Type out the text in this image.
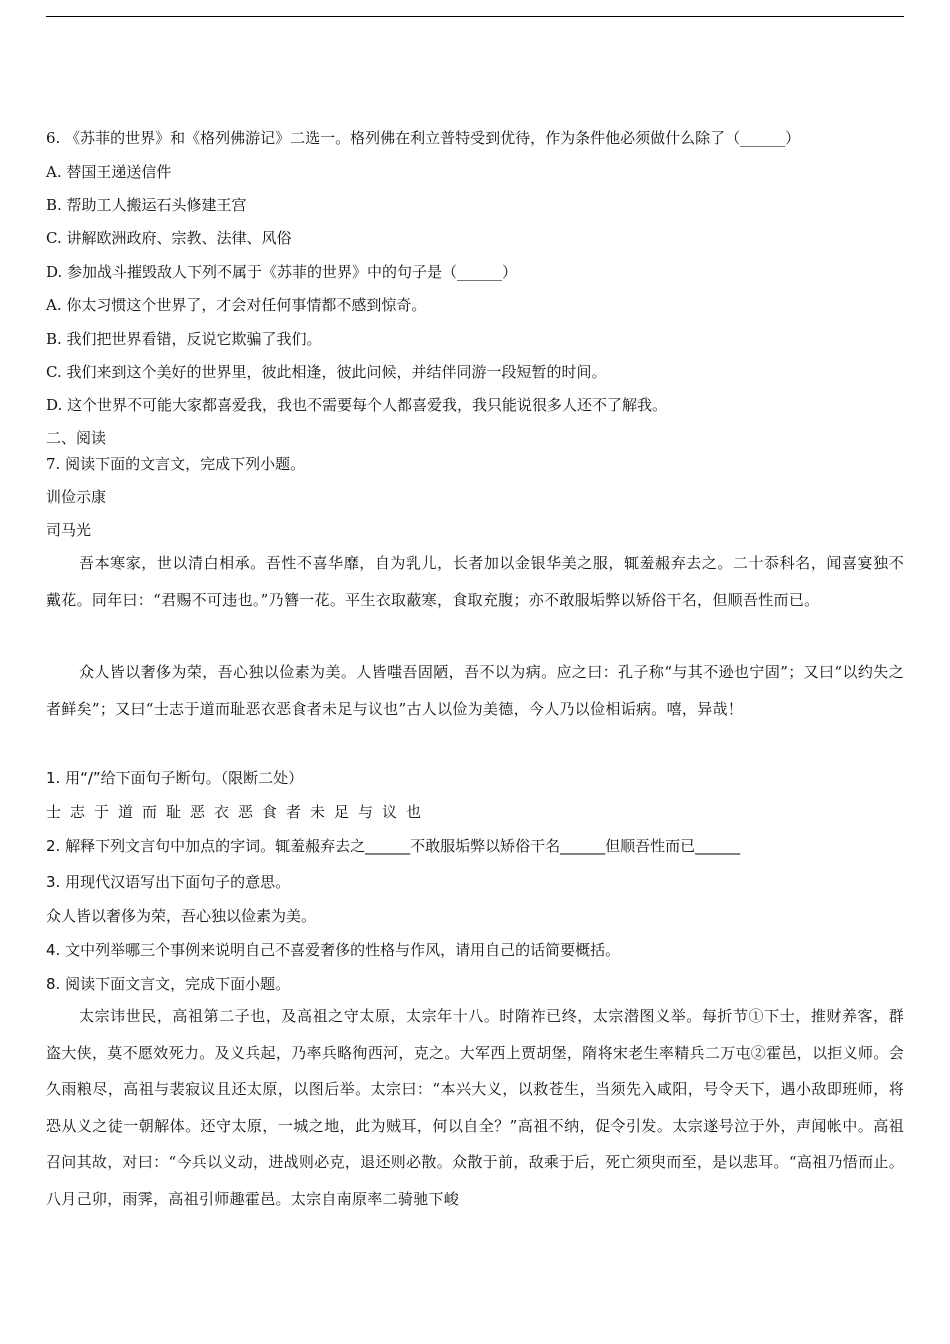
6. 《苏菲的世界》和《格列佛游记》二选一。格列佛在利立普特受到优待，作为条件他必须做什么除了（______）
A. 替国王递送信件
B. 帮助工人搬运石头修建王宫
C. 讲解欧洲政府、宗教、法律、风俗
D. 参加战斗摧毁敌人下列不属于《苏菲的世界》中的句子是（______）
A. 你太习惯这个世界了，才会对任何事情都不感到惊奇。
B. 我们把世界看错，反说它欺骗了我们。
C. 我们来到这个美好的世界里，彼此相逢，彼此问候，并结伴同游一段短暂的时间。
D. 这个世界不可能大家都喜爱我，我也不需要每个人都喜爱我，我只能说很多人还不了解我。
二、阅读
7. 阅读下面的文言文，完成下列小题。
训俭示康
司马光
吾本寒家，世以清白相承。吾性不喜华靡，自为乳儿，长者加以金银华美之服，辄羞赧弃去之。二十忝科名，闻喜宴独不戴花。同年曰：“君赐不可违也。”乃簪一花。平生衣取蔽寒，食取充腹；亦不敢服垢弊以矫俗干名，但顺吾性而已。
众人皆以奢侈为荣，吾心独以俭素为美。人皆嗤吾固陋，吾不以为病。应之曰：孔子称“与其不逊也宁固”；又曰“以约失之者鲜矣”；又曰“士志于道而耻恶衣恶食者未足与议也”古人以俭为美德，今人乃以俭相诟病。嘻，异哉！
1. 用“/”给下面句子断句。（限断二处）
士志于道而耻恶衣恶食者未足与议也
2. 解释下列文言句中加点的字词。辄羞赧弃去之______不敢服垢弊以矫俗干名______但顺吾性而已______
3. 用现代汉语写出下面句子的意思。
众人皆以奢侈为荣，吾心独以俭素为美。
4. 文中列举哪三个事例来说明自己不喜爱奢侈的性格与作风，请用自己的话简要概括。
8. 阅读下面文言文，完成下面小题。
太宗讳世民，高祖第二子也，及高祖之守太原，太宗年十八。时隋祚已终，太宗潜图义举。每折节①下士，推财养客，群盗大侠，莫不愿效死力。及义兵起，乃率兵略徇西河，克之。大军西上贾胡堡，隋将宋老生率精兵二万屯②霍邑，以拒义师。会久雨粮尽，高祖与裴寂议且还太原，以图后举。太宗曰：“本兴大义，以救苍生，当须先入咸阳，号令天下，遇小敌即班师，将恐从义之徒一朝解体。还守太原，一城之地，此为贼耳，何以自全？”高祖不纳，促令引发。太宗遂号泣于外，声闻帐中。高祖召问其故，对曰：“今兵以义动，进战则必克，退还则必散。众散于前，敌乘于后，死亡须臾而至，是以悲耳。“高祖乃悟而止。八月己卯，雨霁，高祖引师趣霍邑。太宗自南原率二骑驰下峻
